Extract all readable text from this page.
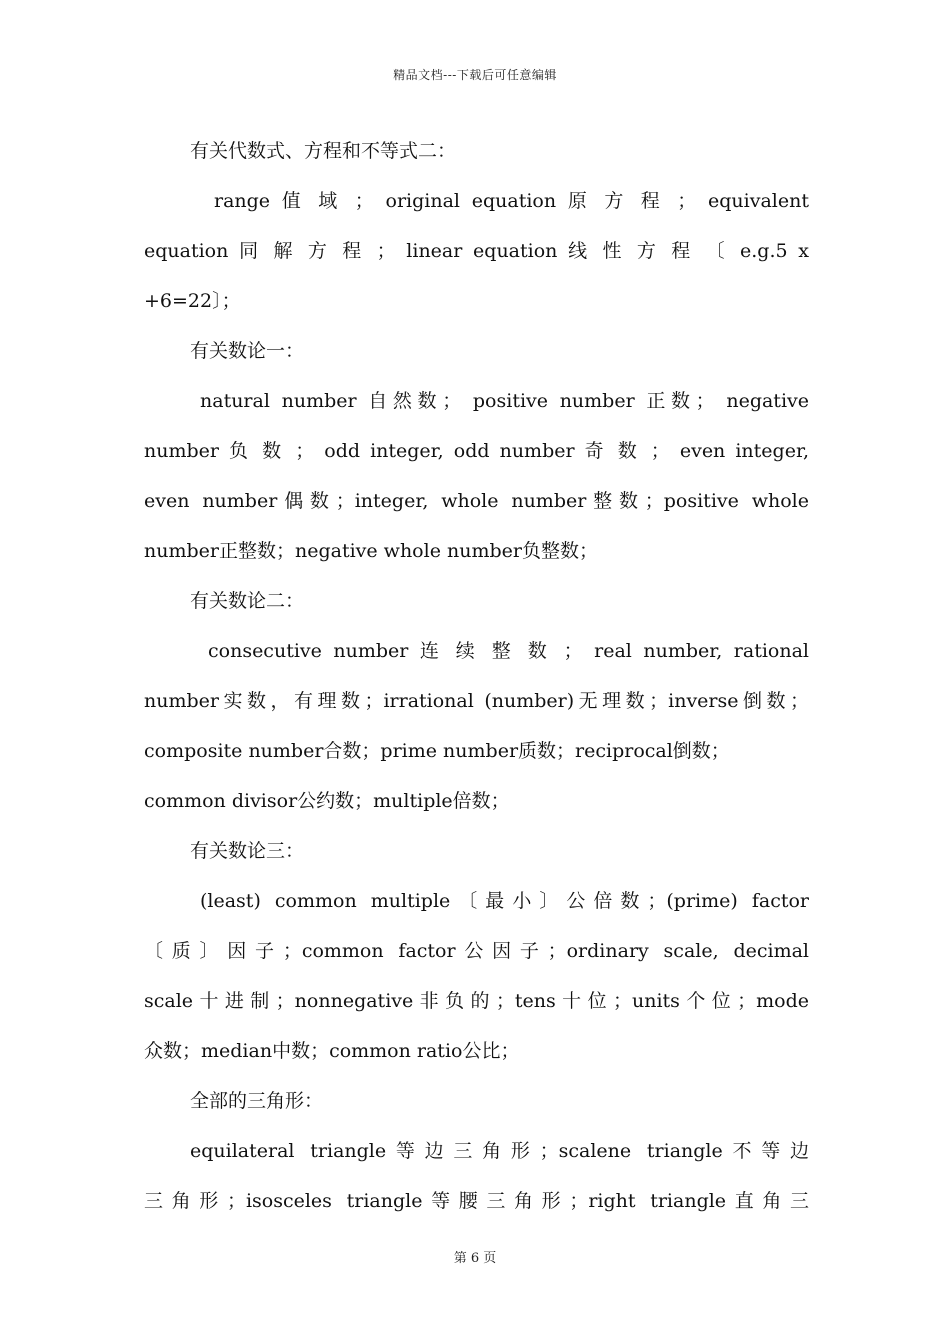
精品文档---下载后可任意编辑
有关代数式、方程和不等式二：
range 值 域 ； original equation 原 方 程 ； equivalent
equation 同 解 方 程 ； linear equation 线 性 方 程 〔 e.g.5 x
+6=22〕；
有关数论一：
natural number 自然数； positive number 正数； negative
number 负 数 ； odd integer, odd number 奇 数 ； even integer,
even number偶数；integer, whole number整数；positive whole
number正整数；negative whole number负整数；
有关数论二：
consecutive number 连 续 整 数 ； real number, rational
number实数，有理数；irrational (number)无理数；inverse倒数；
composite number合数；prime number质数；reciprocal倒数；
common divisor公约数；multiple倍数；
有关数论三：
(least) common multiple〔最小〕公倍数；(prime) factor
〔质〕因子；common factor公因子；ordinary scale, decimal
scale十进制；nonnegative非负的；tens十位；units个位；mode
众数；median中数；common ratio公比；
全部的三角形：
equilateral triangle等边三角形；scalene triangle不等边
三角形；isosceles triangle等腰三角形；right triangle直角三
第 6 页
